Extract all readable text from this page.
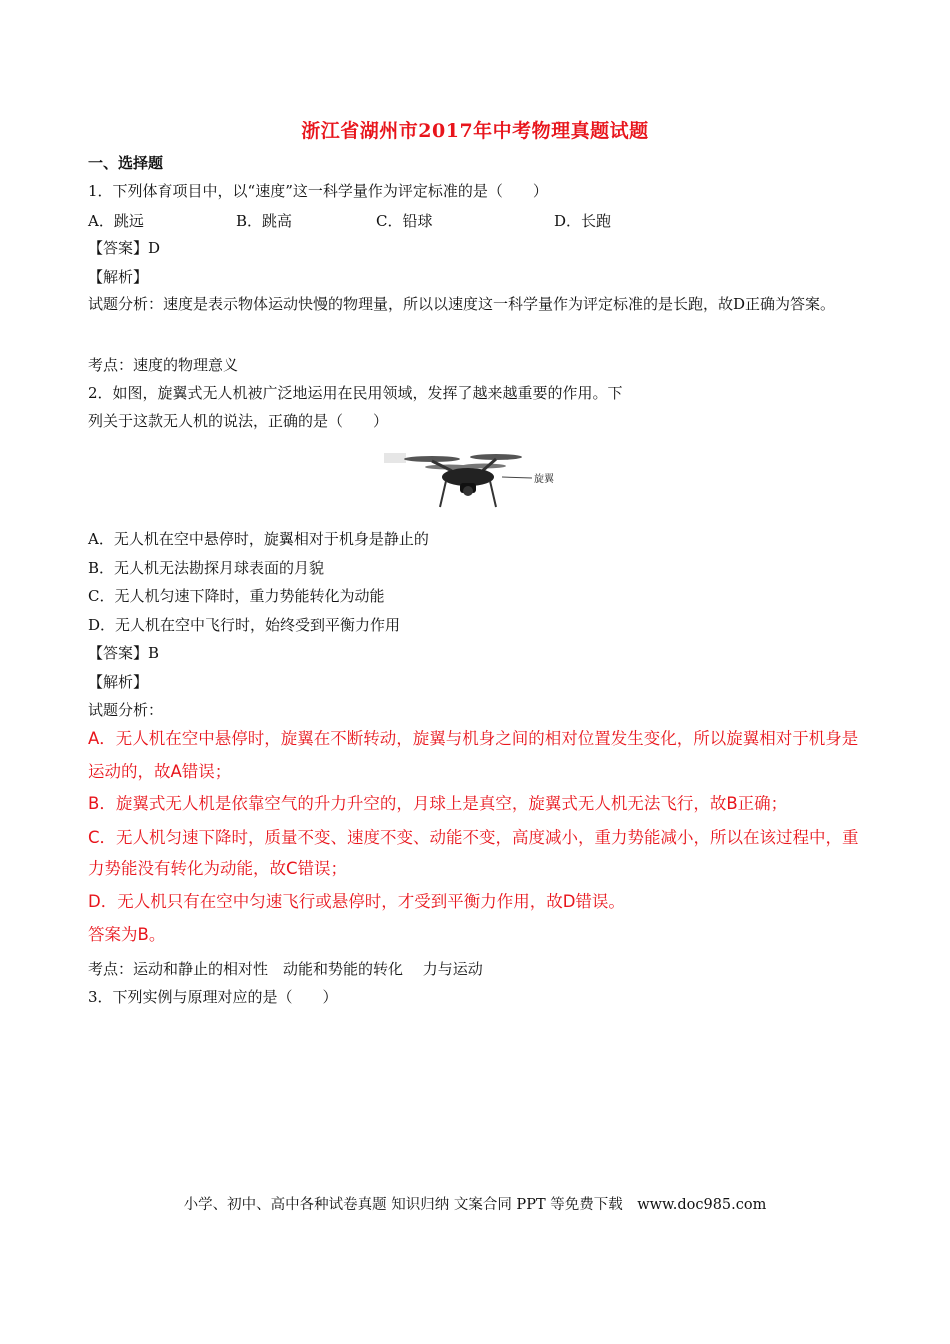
浙江省湖州市2017年中考物理真题试题
一、选择题
1．下列体育项目中，以“速度”这一科学量作为评定标准的是（　　）
A．跳远	B．跳高	C．铅球	D．长跑
【答案】D
【解析】
试题分析：速度是表示物体运动快慢的物理量，所以以速度这一科学量作为评定标准的是长跑，故D正确为答案。
考点：速度的物理意义
2．如图，旋翼式无人机被广泛地运用在民用领域，发挥了越来越重要的作用。下
列关于这款无人机的说法，正确的是（　　）
旋翼
A．无人机在空中悬停时，旋翼相对于机身是静止的
B．无人机无法勘探月球表面的月貌
C．无人机匀速下降时，重力势能转化为动能
D．无人机在空中飞行时，始终受到平衡力作用
【答案】B
【解析】
试题分析：
A．无人机在空中悬停时，旋翼在不断转动，旋翼与机身之间的相对位置发生变化，所以旋翼相对于机身是
运动的，故A错误；
B．旋翼式无人机是依靠空气的升力升空的，月球上是真空，旋翼式无人机无法飞行，故B正确；
C．无人机匀速下降时，质量不变、速度不变、动能不变，高度减小，重力势能减小，所以在该过程中，重
力势能没有转化为动能，故C错误；
D．无人机只有在空中匀速飞行或悬停时，才受到平衡力作用，故D错误。
答案为B。
考点：运动和静止的相对性　动能和势能的转化　 力与运动
3．下列实例与原理对应的是（　　）
小学、初中、高中各种试卷真题 知识归纳 文案合同 PPT 等免费下载　www.doc985.com
